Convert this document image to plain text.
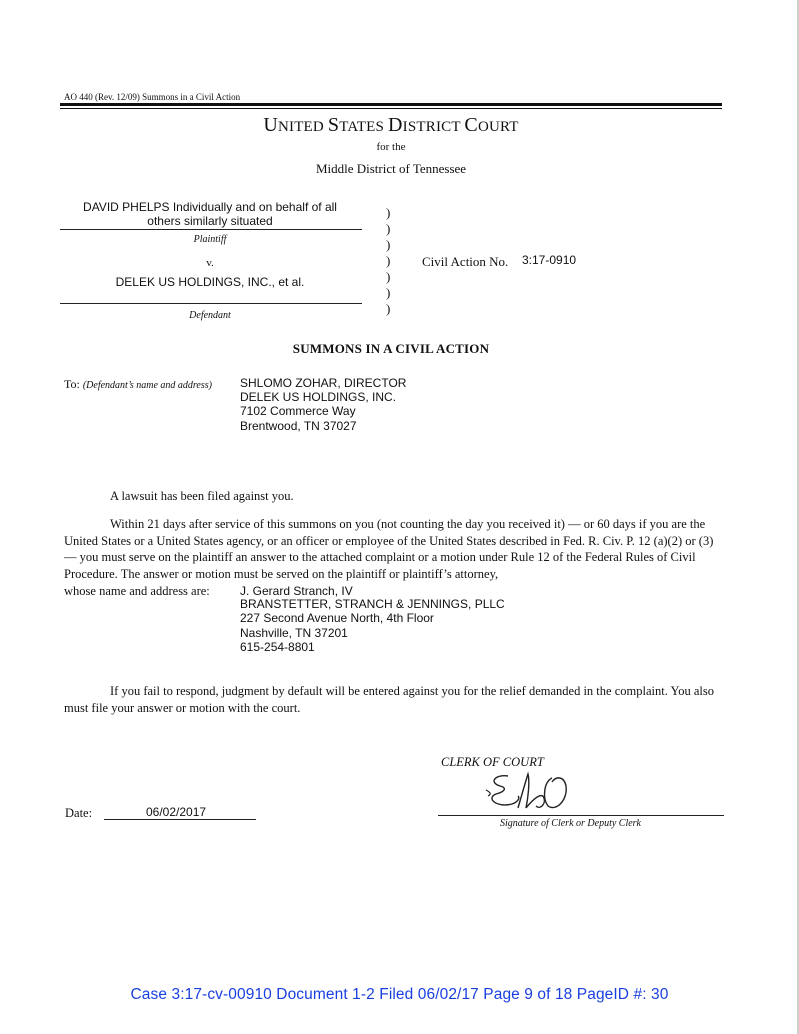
AO 440 (Rev. 12/09) Summons in a Civil Action
UNITED STATES DISTRICT COURT
for the
Middle District of Tennessee
DAVID PHELPS Individually and on behalf of all
others similarly situated
Plaintiff
v.
DELEK US HOLDINGS, INC., et al.
Defendant
)
)
)
)
)
)
)
Civil Action No. 3:17-0910
SUMMONS IN A CIVIL ACTION
To: (Defendant’s name and address) SHLOMO ZOHAR, DIRECTOR
DELEK US HOLDINGS, INC.
7102 Commerce Way
Brentwood, TN 37027
A lawsuit has been filed against you.
Within 21 days after service of this summons on you (not counting the day you received it) — or 60 days if you are the United States or a United States agency, or an officer or employee of the United States described in Fed. R. Civ. P. 12 (a)(2) or (3) — you must serve on the plaintiff an answer to the attached complaint or a motion under Rule 12 of the Federal Rules of Civil Procedure. The answer or motion must be served on the plaintiff or plaintiff’s attorney,
whose name and address are:	J. Gerard Stranch, IV
BRANSTETTER, STRANCH & JENNINGS, PLLC
227 Second Avenue North, 4th Floor
Nashville, TN 37201
615-254-8801
If you fail to respond, judgment by default will be entered against you for the relief demanded in the complaint. You also must file your answer or motion with the court.
CLERK OF COURT
Signature of Clerk or Deputy Clerk
Date:	06/02/2017
Case 3:17-cv-00910 Document 1-2 Filed 06/02/17 Page 9 of 18 PageID #: 30
